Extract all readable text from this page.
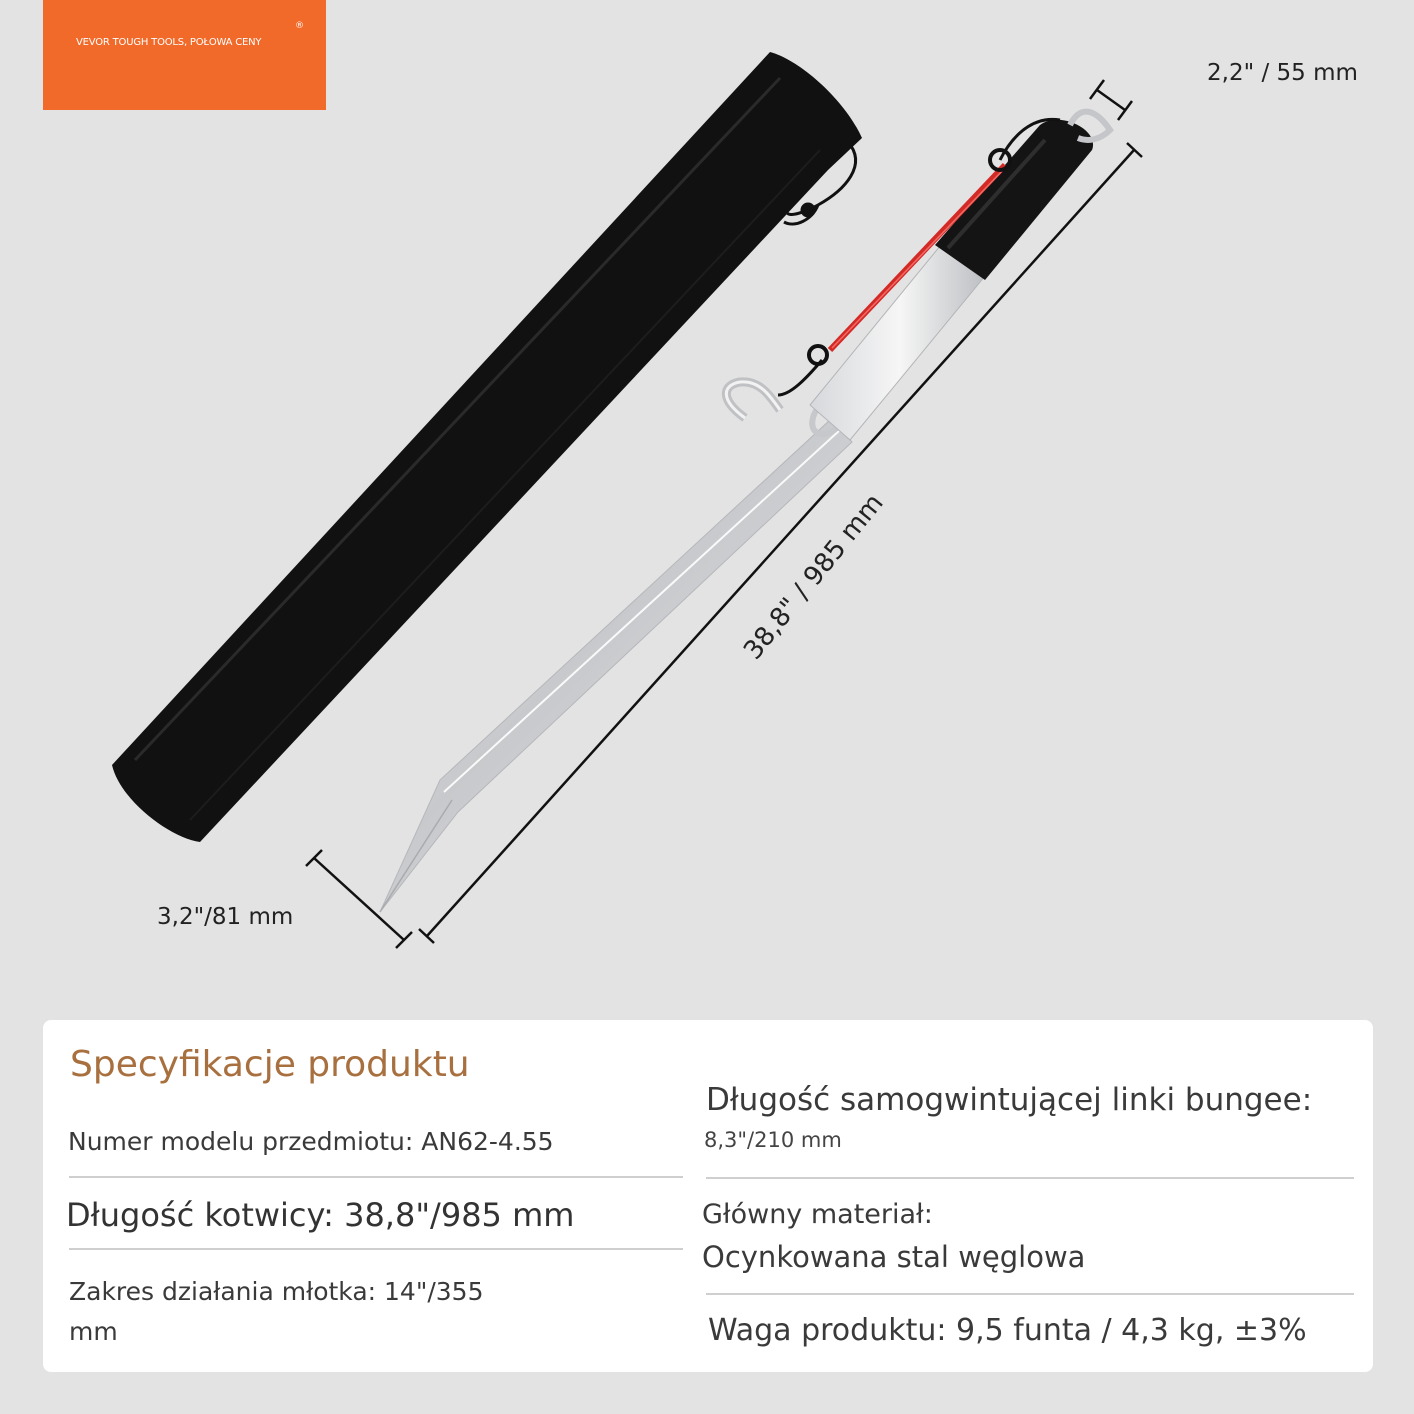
VEVOR TOUGH TOOLS, POŁOWA CENY
®
2,2" / 55 mm
3,2"/81 mm
38,8" / 985 mm
Specyfikacje produktu

Numer modelu przedmiotu: AN62-4.55

Długość kotwicy: 38,8"/985 mm

Zakres działania młotka: 14"/355 mm

Długość samogwintującej linki bungee:

8,3"/210 mm

Główny materiał:

Ocynkowana stal węglowa

Waga produktu: 9,5 funta / 4,3 kg, ±3%
